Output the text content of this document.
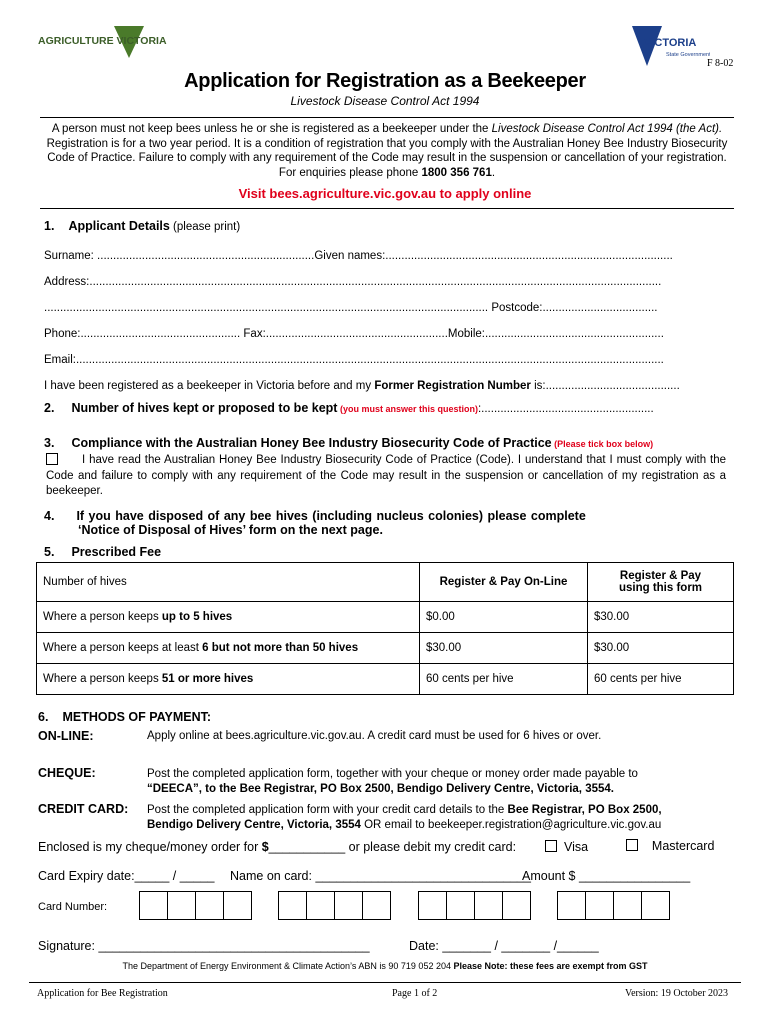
AGRICULTURE VICTORIA	VICTORIA
State Government
F 8-02
Application for Registration as a Beekeeper
Livestock Disease Control Act 1994
A person must not keep bees unless he or she is registered as a beekeeper under the Livestock Disease Control Act 1994 (the Act). Registration is for a two year period. It is a condition of registration that you comply with the Australian Honey Bee Industry Biosecurity Code of Practice. Failure to comply with any requirement of the Code may result in the suspension or cancellation of your registration. For enquiries please phone 1800 356 761.
Visit bees.agriculture.vic.gov.au to apply online
1. Applicant Details (please print)
Surname: ....................................................................Given names:..........................................................................................
Address:...................................................................................................................................................................................
........................................................................................................................................... Postcode:....................................
Phone:.................................................. Fax:.........................................................Mobile:........................................................
Email:........................................................................................................................................................................................
I have been registered as a beekeeper in Victoria before and my Former Registration Number is:..........................................
2. Number of hives kept or proposed to be kept (you must answer this question):......................................................
3. Compliance with the Australian Honey Bee Industry Biosecurity Code of Practice (Please tick box below)
I have read the Australian Honey Bee Industry Biosecurity Code of Practice (Code). I understand that I must comply with the Code and failure to comply with any requirement of the Code may result in the suspension or cancellation of my registration as a beekeeper.
4. If you have disposed of any bee hives (including nucleus colonies) please complete
‘Notice of Disposal of Hives’ form on the next page.
5. Prescribed Fee
Number of hives	Register & Pay On-Line	Register & Pay using this form
Where a person keeps up to 5 hives	$0.00	$30.00
Where a person keeps at least 6 but not more than 50 hives	$30.00	$30.00
Where a person keeps 51 or more hives	60 cents per hive	60 cents per hive
6. METHODS OF PAYMENT:
ON-LINE:	Apply online at bees.agriculture.vic.gov.au. A credit card must be used for 6 hives or over.
CHEQUE:	Post the completed application form, together with your cheque or money order made payable to
“DEECA”, to the Bee Registrar, PO Box 2500, Bendigo Delivery Centre, Victoria, 3554.
CREDIT CARD: Post the completed application form with your credit card details to the Bee Registrar, PO Box 2500,
Bendigo Delivery Centre, Victoria, 3554 OR email to beekeeper.registration@agriculture.vic.gov.au
Enclosed is my cheque/money order for $___________ or please debit my credit card:	Visa	Mastercard
Card Expiry date:_____ / _____ Name on card: _______________________________
Amount $ ________________
Card Number:
Signature: _______________________________________	Date: _______ / _______ /______
The Department of Energy Environment & Climate Action’s ABN is 90 719 052 204 Please Note: these fees are exempt from GST
Application for Bee Registration	Page 1 of 2	Version: 19 October 2023
